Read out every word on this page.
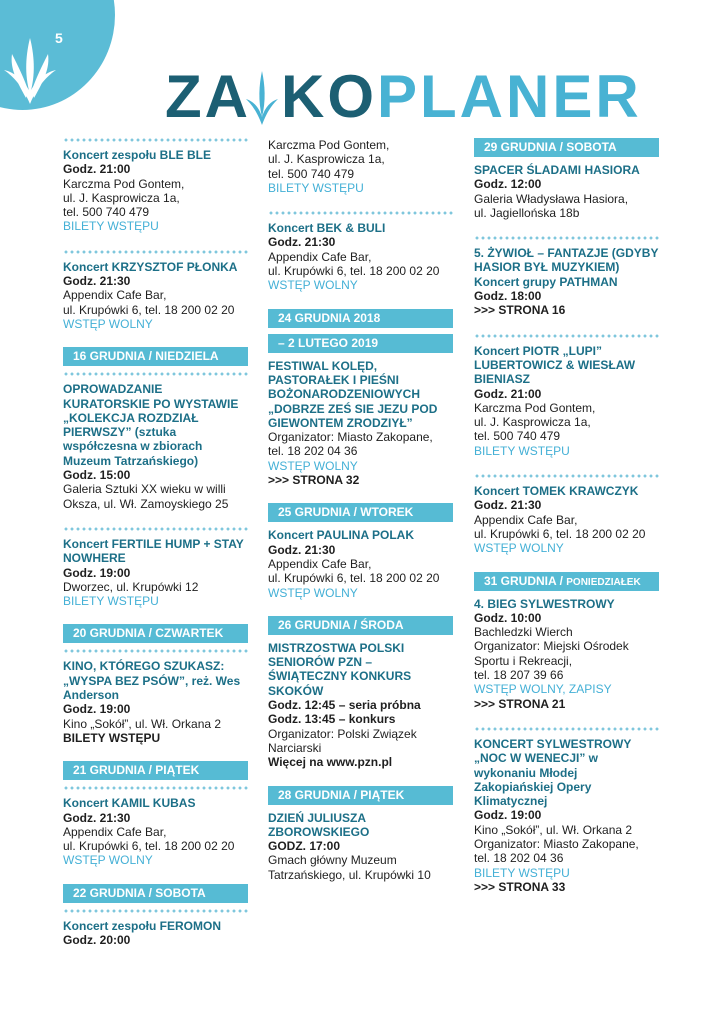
5
ZA KO PLANER
Koncert zespołu BLE BLE
Godz. 21:00
Karczma Pod Gontem,
ul. J. Kasprowicza 1a,
tel. 500 740 479
BILETY WSTĘPU
Koncert KRZYSZTOF PŁONKA
Godz. 21:30
Appendix Cafe Bar,
ul. Krupówki 6, tel. 18 200 02 20
WSTĘP WOLNY
16 GRUDNIA / NIEDZIELA
OPROWADZANIE KURATORSKIE PO WYSTAWIE „KOLEKCJA ROZDZIAŁ PIERWSZY” (sztuka współczesna w zbiorach Muzeum Tatrzańskiego)
Godz. 15:00
Galeria Sztuki XX wieku w willi Oksza, ul. Wł. Zamoyskiego 25
Koncert FERTILE HUMP + STAY NOWHERE
Godz. 19:00
Dworzec, ul. Krupówki 12
BILETY WSTĘPU
20 GRUDNIA / CZWARTEK
KINO, KTÓREGO SZUKASZ: „WYSPA BEZ PSÓW”, reż. Wes Anderson
Godz. 19:00
Kino „Sokół”, ul. Wł. Orkana 2
BILETY WSTĘPU
21 GRUDNIA / PIĄTEK
Koncert KAMIL KUBAS
Godz. 21:30
Appendix Cafe Bar,
ul. Krupówki 6, tel. 18 200 02 20
WSTĘP WOLNY
22 GRUDNIA / SOBOTA
Koncert zespołu FEROMON
Godz. 20:00
Karczma Pod Gontem,
ul. J. Kasprowicza 1a,
tel. 500 740 479
BILETY WSTĘPU
Koncert BEK & BULI
Godz. 21:30
Appendix Cafe Bar,
ul. Krupówki 6, tel. 18 200 02 20
WSTĘP WOLNY
24 GRUDNIA 2018
– 2 LUTEGO 2019
FESTIWAL KOLĘD, PASTORAŁEK I PIEŚNI BOŻONARODZENIOWYCH „DOBRZE ZEŚ SIE JEZU POD GIEWONTEM ZRODZIYŁ”
Organizator: Miasto Zakopane,
tel. 18 202 04 36
WSTĘP WOLNY
>>> STRONA 32
25 GRUDNIA / WTOREK
Koncert PAULINA POLAK
Godz. 21:30
Appendix Cafe Bar,
ul. Krupówki 6, tel. 18 200 02 20
WSTĘP WOLNY
26 GRUDNIA / ŚRODA
MISTRZOSTWA POLSKI SENIORÓW PZN – ŚWIĄTECZNY KONKURS SKOKÓW
Godz. 12:45 – seria próbna
Godz. 13:45 – konkurs
Organizator: Polski Związek Narciarski
Więcej na www.pzn.pl
28 GRUDNIA / PIĄTEK
DZIEŃ JULIUSZA ZBOROWSKIEGO
GODZ. 17:00
Gmach główny Muzeum Tatrzańskiego, ul. Krupówki 10
29 GRUDNIA / SOBOTA
SPACER ŚLADAMI HASIORA
Godz. 12:00
Galeria Władysława Hasiora,
ul. Jagiellońska 18b
5. ŻYWIOŁ – FANTAZJE (GDYBY HASIOR BYŁ MUZYKIEM) Koncert grupy PATHMAN
Godz. 18:00
>>> STRONA 16
Koncert PIOTR „LUPI” LUBERTOWICZ & WIESŁAW BIENIASZ
Godz. 21:00
Karczma Pod Gontem,
ul. J. Kasprowicza 1a,
tel. 500 740 479
BILETY WSTĘPU
Koncert TOMEK KRAWCZYK
Godz. 21:30
Appendix Cafe Bar,
ul. Krupówki 6, tel. 18 200 02 20
WSTĘP WOLNY
31 GRUDNIA / PONIEDZIAŁEK
4. BIEG SYLWESTROWY
Godz. 10:00
Bachledzki Wierch
Organizator: Miejski Ośrodek Sportu i Rekreacji,
tel. 18 207 39 66
WSTĘP WOLNY, ZAPISY
>>> STRONA 21
KONCERT SYLWESTROWY „NOC W WENECJI” w wykonaniu Młodej Zakopiańskiej Opery Klimatycznej
Godz. 19:00
Kino „Sokół”, ul. Wł. Orkana 2
Organizator: Miasto Zakopane,
tel. 18 202 04 36
BILETY WSTĘPU
>>> STRONA 33
